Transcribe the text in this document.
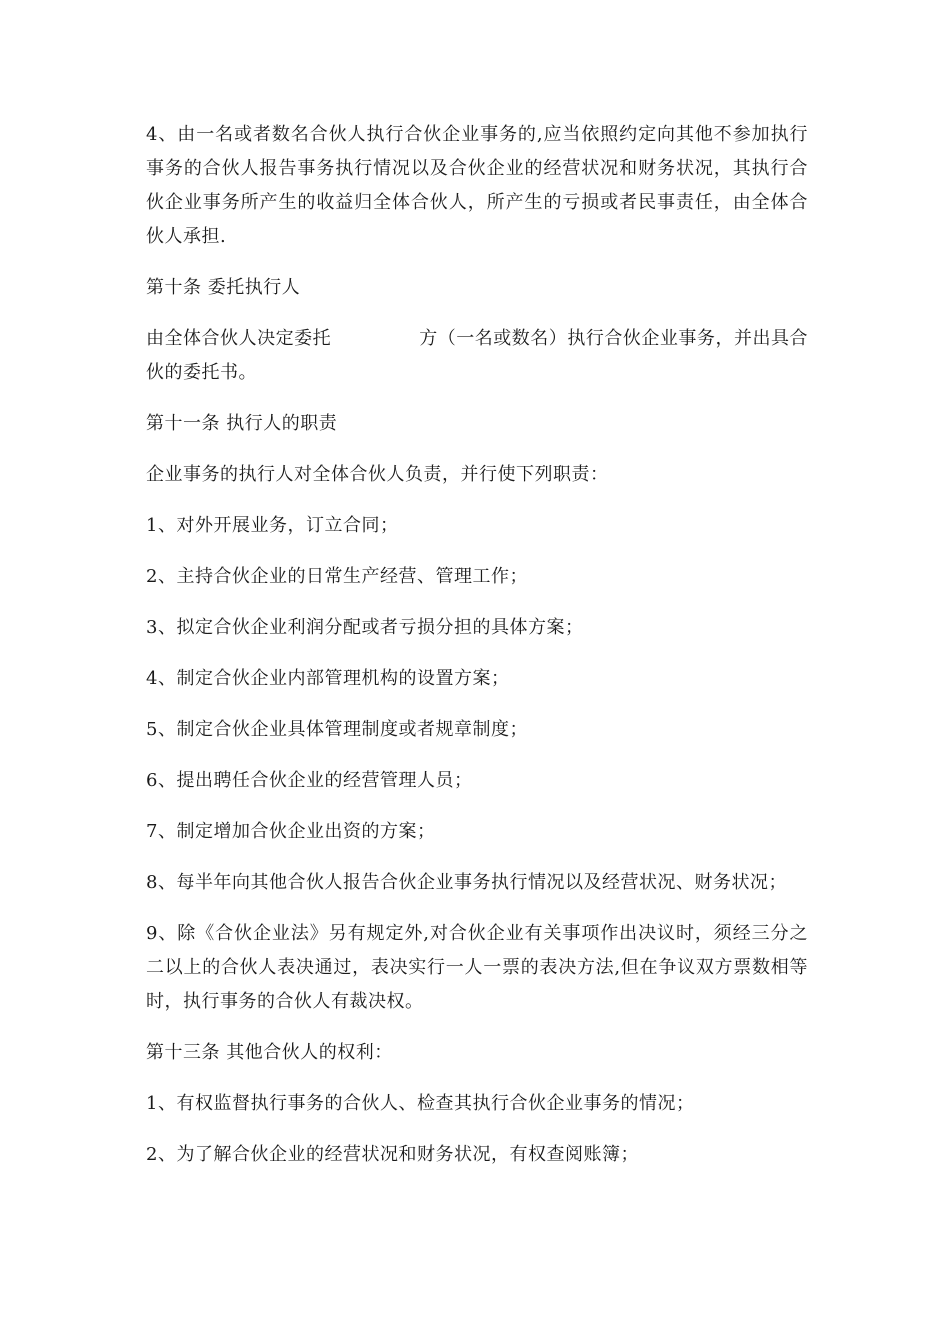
4、由一名或者数名合伙人执行合伙企业事务的,应当依照约定向其他不参加执行事务的合伙人报告事务执行情况以及合伙企业的经营状况和财务状况，其执行合伙企业事务所产生的收益归全体合伙人，所产生的亏损或者民事责任，由全体合伙人承担.

第十条 委托执行人

由全体合伙人决定委托	方（一名或数名）执行合伙企业事务，并出具合伙的委托书。

第十一条 执行人的职责

企业事务的执行人对全体合伙人负责，并行使下列职责：

1、对外开展业务，订立合同；

2、主持合伙企业的日常生产经营、管理工作；

3、拟定合伙企业利润分配或者亏损分担的具体方案；

4、制定合伙企业内部管理机构的设置方案；

5、制定合伙企业具体管理制度或者规章制度；

6、提出聘任合伙企业的经营管理人员；

7、制定增加合伙企业出资的方案；

8、每半年向其他合伙人报告合伙企业事务执行情况以及经营状况、财务状况；

9、除《合伙企业法》另有规定外,对合伙企业有关事项作出决议时，须经三分之二以上的合伙人表决通过，表决实行一人一票的表决方法,但在争议双方票数相等时，执行事务的合伙人有裁决权。

第十三条 其他合伙人的权利：

1、有权监督执行事务的合伙人、检查其执行合伙企业事务的情况；

2、为了解合伙企业的经营状况和财务状况，有权查阅账簿；
